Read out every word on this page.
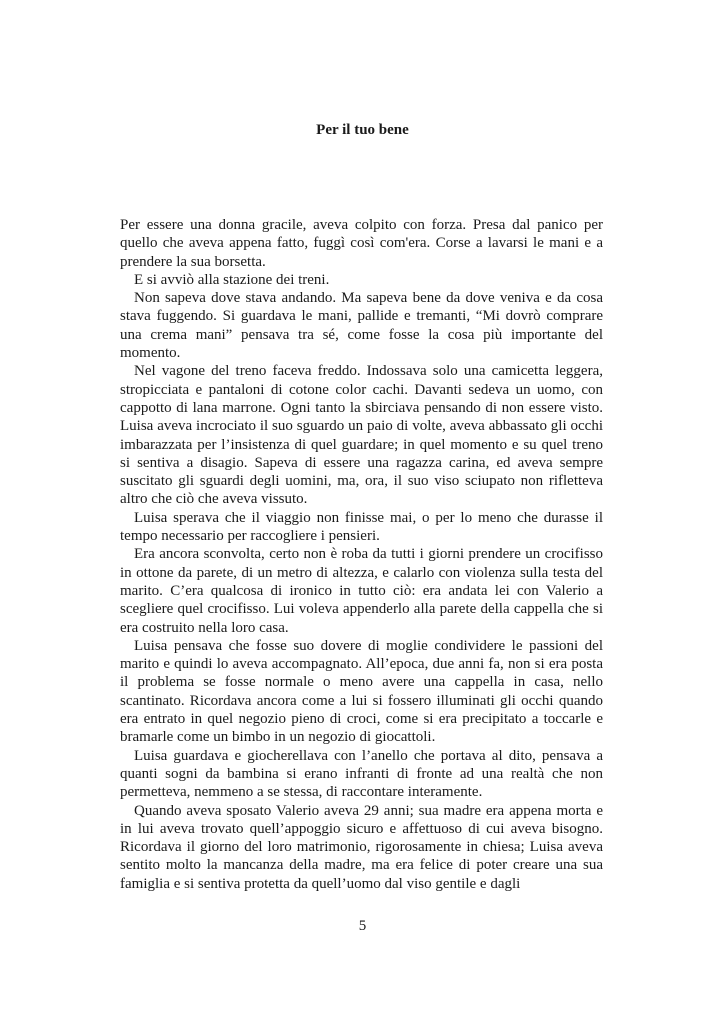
Per il tuo bene

Per essere una donna gracile, aveva colpito con forza. Presa dal panico per quello che aveva appena fatto, fuggì così com'era. Corse a lavarsi le mani e a prendere la sua borsetta.

E si avviò alla stazione dei treni.

Non sapeva dove stava andando. Ma sapeva bene da dove veniva e da cosa stava fuggendo. Si guardava le mani, pallide e tremanti, “Mi dovrò comprare una crema mani” pensava tra sé, come fosse la cosa più importante del momento.

Nel vagone del treno faceva freddo. Indossava solo una camicetta leggera, stropicciata e pantaloni di cotone color cachi. Davanti sedeva un uomo, con cappotto di lana marrone. Ogni tanto la sbirciava pensando di non essere visto. Luisa aveva incrociato il suo sguardo un paio di volte, aveva abbassato gli occhi imbarazzata per l’insistenza di quel guardare; in quel momento e su quel treno si sentiva a disagio. Sapeva di essere una ragazza carina, ed aveva sempre suscitato gli sguardi degli uomini, ma, ora, il suo viso sciupato non rifletteva altro che ciò che aveva vissuto.

Luisa sperava che il viaggio non finisse mai, o per lo meno che durasse il tempo necessario per raccogliere i pensieri.

Era ancora sconvolta, certo non è roba da tutti i giorni prendere un crocifisso in ottone da parete, di un metro di altezza, e calarlo con violenza sulla testa del marito. C’era qualcosa di ironico in tutto ciò: era andata lei con Valerio a scegliere quel crocifisso. Lui voleva appenderlo alla parete della cappella che si era costruito nella loro casa.

Luisa pensava che fosse suo dovere di moglie condividere le passioni del marito e quindi lo aveva accompagnato. All’epoca, due anni fa, non si era posta il problema se fosse normale o meno avere una cappella in casa, nello scantinato. Ricordava ancora come a lui si fossero illuminati gli occhi quando era entrato in quel negozio pieno di croci, come si era precipitato a toccarle e bramarle come un bimbo in un negozio di giocattoli.

Luisa guardava e giocherellava con l’anello che portava al dito, pensava a quanti sogni da bambina si erano infranti di fronte ad una realtà che non permetteva, nemmeno a se stessa, di raccontare interamente.

Quando aveva sposato Valerio aveva 29 anni; sua madre era appena morta e in lui aveva trovato quell’appoggio sicuro e affettuoso di cui aveva bisogno. Ricordava il giorno del loro matrimonio, rigorosamente in chiesa; Luisa aveva sentito molto la mancanza della madre, ma era felice di poter creare una sua famiglia e si sentiva protetta da quell’uomo dal viso gentile e dagli

5
